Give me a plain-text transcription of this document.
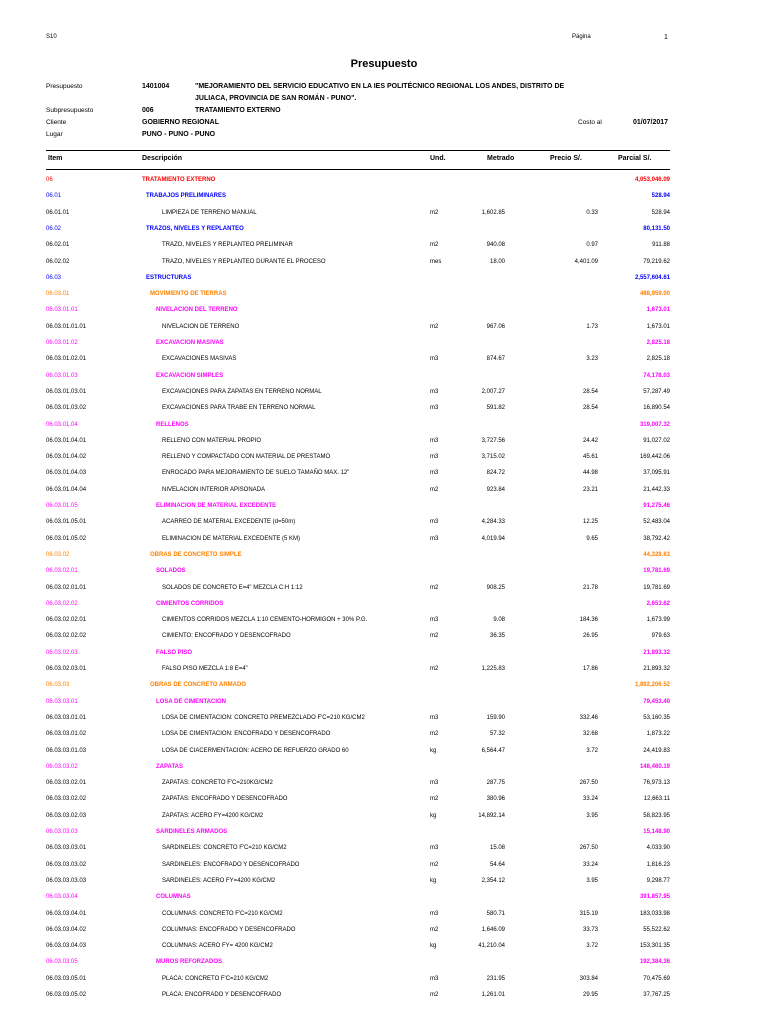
S10	Página	1
Presupuesto
Presupuesto	1401004	"MEJORAMIENTO DEL SERVICIO EDUCATIVO EN LA IES POLITÉCNICO REGIONAL LOS ANDES, DISTRITO DE
JULIACA, PROVINCIA DE SAN ROMÁN - PUNO".
Subpresupuesto	006	TRATAMIENTO EXTERNO
Cliente	GOBIERNO REGIONAL	Costo al	01/07/2017
Lugar	PUNO - PUNO - PUNO
Item	Descripción	Und.	Metrado	Precio S/.	Parcial S/.
06	TRATAMIENTO EXTERNO	4,053,046.09
06.01	TRABAJOS PRELIMINARES	528.94
06.01.01	LIMPIEZA DE TERRENO MANUAL	m2	1,602.85	0.33	528.94
06.02	TRAZOS, NIVELES Y REPLANTEO	80,131.50
06.02.01	TRAZO, NIVELES Y REPLANTEO PRELIMINAR	m2	940.08	0.97	911.88
06.02.02	TRAZO, NIVELES Y REPLANTEO DURANTE EL PROCESO	mes	18.00	4,401.09	79,219.62
06.03	ESTRUCTURAS	2,557,604.61
06.03.01	MOVIMIENTO DE TIERRAS	488,959.00
06.03.01.01	NIVELACION DEL TERRENO	1,673.01
06.03.01.01.01	NIVELACION DE TERRENO	m2	967.06	1.73	1,673.01
06.03.01.02	EXCAVACION MASIVAS	2,825.18
06.03.01.02.01	EXCAVACIONES MASIVAS	m3	874.67	3.23	2,825.18
06.03.01.03	EXCAVACION SIMPLES	74,178.03
06.03.01.03.01	EXCAVACIONES PARA ZAPATAS EN TERRENO NORMAL	m3	2,007.27	28.54	57,287.49
06.03.01.03.02	EXCAVACIONES PARA TRABE EN TERRENO NORMAL	m3	591.82	28.54	16,890.54
06.03.01.04	RELLENOS	319,007.32
06.03.01.04.01	RELLENO CON MATERIAL PROPIO	m3	3,727.56	24.42	91,027.02
06.03.01.04.02	RELLENO Y COMPACTADO CON MATERIAL DE PRESTAMO	m3	3,715.02	45.61	169,442.06
06.03.01.04.03	ENROCADO PARA MEJORAMIENTO DE SUELO TAMAÑO MAX. 12"	m3	824.72	44.98	37,095.91
06.03.01.04.04	NIVELACION INTERIOR APISONADA	m2	923.84	23.21	21,442.33
06.03.01.05	ELIMINACION DE MATERIAL EXCEDENTE	91,275.46
06.03.01.05.01	ACARREO DE MATERIAL EXCEDENTE (d=50m)	m3	4,284.33	12.25	52,483.04
06.03.01.05.02	ELIMINACION DE MATERIAL EXCEDENTE (5 KM)	m3	4,019.94	9.65	38,792.42
06.03.02	OBRAS DE CONCRETO SIMPLE	44,328.63
06.03.02.01	SOLADOS	19,781.69
06.03.02.01.01	SOLADOS DE CONCRETO E=4" MEZCLA C:H 1:12	m2	908.25	21.78	19,781.69
06.03.02.02	CIMIENTOS CORRIDOS	2,653.62
06.03.02.02.01	CIMIENTOS CORRIDOS MEZCLA 1:10 CEMENTO-HORMIGON + 30% P.G.	m3	9.08	184.36	1,673.99
06.03.02.02.02	CIMIENTO: ENCOFRADO Y DESENCOFRADO	m2	36.35	26.95	979.63
06.03.02.03	FALSO PISO	21,893.32
06.03.02.03.01	FALSO PISO MEZCLA 1:8 E=4"	m2	1,225.83	17.86	21,893.32
06.03.03	OBRAS DE CONCRETO ARMADO	1,892,206.52
06.03.03.01	LOSA DE CIMENTACION	79,453.40
06.03.03.01.01	LOSA DE CIMENTACION: CONCRETO PREMEZCLADO F'C=210 KG/CM2	m3	159.90	332.46	53,160.35
06.03.03.01.02	LOSA DE CIMENTACION: ENCOFRADO Y DESENCOFRADO	m2	57.32	32.68	1,873.22
06.03.03.01.03	LOSA DE CIACERMENTACION: ACERO DE REFUERZO GRADO 60	kg	6,564.47	3.72	24,419.83
06.03.03.02	ZAPATAS	148,460.19
06.03.03.02.01	ZAPATAS: CONCRETO F'C=210KG/CM2	m3	287.75	267.50	76,973.13
06.03.03.02.02	ZAPATAS: ENCOFRADO Y DESENCOFRADO	m2	380.96	33.24	12,663.11
06.03.03.02.03	ZAPATAS: ACERO FY=4200 KG/CM2	kg	14,892.14	3.95	58,823.95
06.03.03.03	SARDINELES ARMADOS	15,148.90
06.03.03.03.01	SARDINELES: CONCRETO F'C=210 KG/CM2	m3	15.08	267.50	4,033.90
06.03.03.03.02	SARDINELES: ENCOFRADO Y DESENCOFRADO	m2	54.64	33.24	1,816.23
06.03.03.03.03	SARDINELES: ACERO FY=4200 KG/CM2	kg	2,354.12	3.95	9,298.77
06.03.03.04	COLUMNAS	391,857.95
06.03.03.04.01	COLUMNAS: CONCRETO F'C=210 KG/CM2	m3	580.71	315.19	183,033.98
06.03.03.04.02	COLUMNAS: ENCOFRADO Y DESENCOFRADO	m2	1,646.09	33.73	55,522.62
06.03.03.04.03	COLUMNAS: ACERO FY= 4200 KG/CM2	kg	41,210.04	3.72	153,301.35
06.03.03.05	MUROS REFORZADOS	192,384.36
06.03.03.05.01	PLACA: CONCRETO F'C=210 KG/CM2	m3	231.95	303.84	70,475.69
06.03.03.05.02	PLACA: ENCOFRADO Y DESENCOFRADO	m2	1,261.01	29.95	37,767.25
